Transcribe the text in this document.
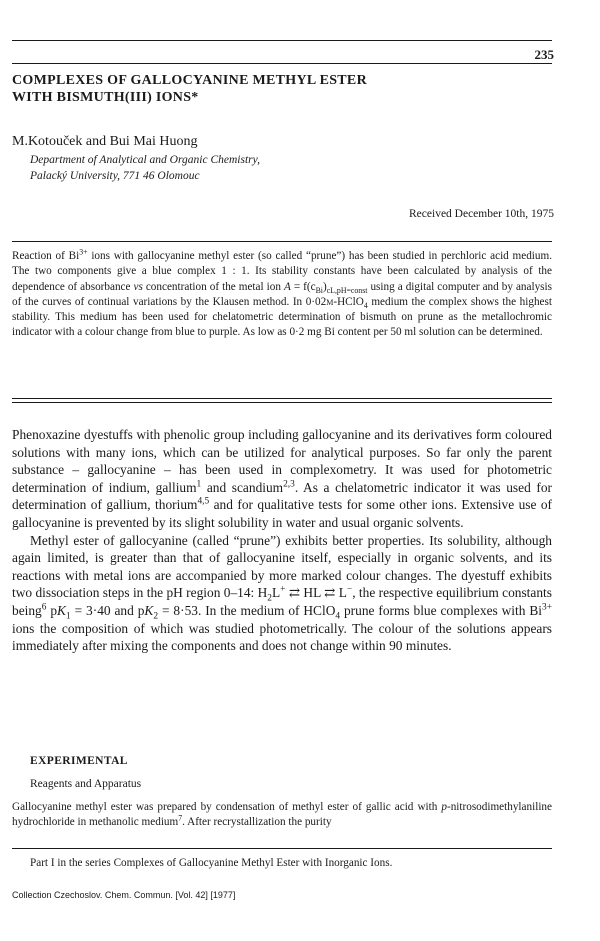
235
COMPLEXES OF GALLOCYANINE METHYL ESTER
WITH BISMUTH(III) IONS*
M.Kotouček and Bui Mai Huong
Department of Analytical and Organic Chemistry,
Palacký University, 771 46 Olomouc
Received December 10th, 1975
Reaction of $Bi^{3+}$ ions with gallocyanine methyl ester (so called “prune”) has been studied in perchloric acid medium. The two components give a blue complex 1 : 1. Its stability constants have been calculated by analysis of the dependence of absorbance vs concentration of the metal ion $A = f(c_{Bi})_{cL,pH=const}$ using a digital computer and by analysis of the curves of continual variations by the Klausen method. In 0·02m-HClO$_4$ medium the complex shows the highest stability. This medium has been used for chelatometric determination of bismuth on prune as the metallochromic indicator with a colour change from blue to purple. As low as 0·2 mg Bi content per 50 ml solution can be determined.

Phenoxazine dyestuffs with phenolic group including gallocyanine and its derivatives form coloured solutions with many ions, which can be utilized for analytical purposes. So far only the parent substance – gallocyanine – has been used in complexometry. It was used for photometric determination of indium, gallium$^1$ and scandium$^{2,3}$. As a chelatometric indicator it was used for determination of gallium, thorium$^{4,5}$ and for qualitative tests for some other ions. Extensive use of gallocyanine is prevented by its slight solubility in water and usual organic solvents.

Methyl ester of gallocyanine (called “prune”) exhibits better properties. Its solubility, although again limited, is greater than that of gallocyanine itself, especially in organic solvents, and its reactions with metal ions are accompanied by more marked colour changes. The dyestuff exhibits two dissociation steps in the pH region 0–14: $H_2L^+$ ⇄ HL ⇄ L−, the respective equilibrium constants being$^6$ $pK_1 = 3\cdot 40$ and $pK_2 = 8\cdot 53$. In the medium of HClO$_4$ prune forms blue complexes with $Bi^{3+}$ ions the composition of which was studied photometrically. The colour of the solutions appears immediately after mixing the components and does not change within 90 minutes.

EXPERIMENTAL
Reagents and Apparatus
Gallocyanine methyl ester was prepared by condensation of methyl ester of gallic acid with p-nitrosodimethylaniline hydrochloride in methanolic medium$^7$. After recrystallization the purity
Part I in the series Complexes of Gallocyanine Methyl Ester with Inorganic Ions.
Collection Czechoslov. Chem. Commun. [Vol. 42] [1977]
